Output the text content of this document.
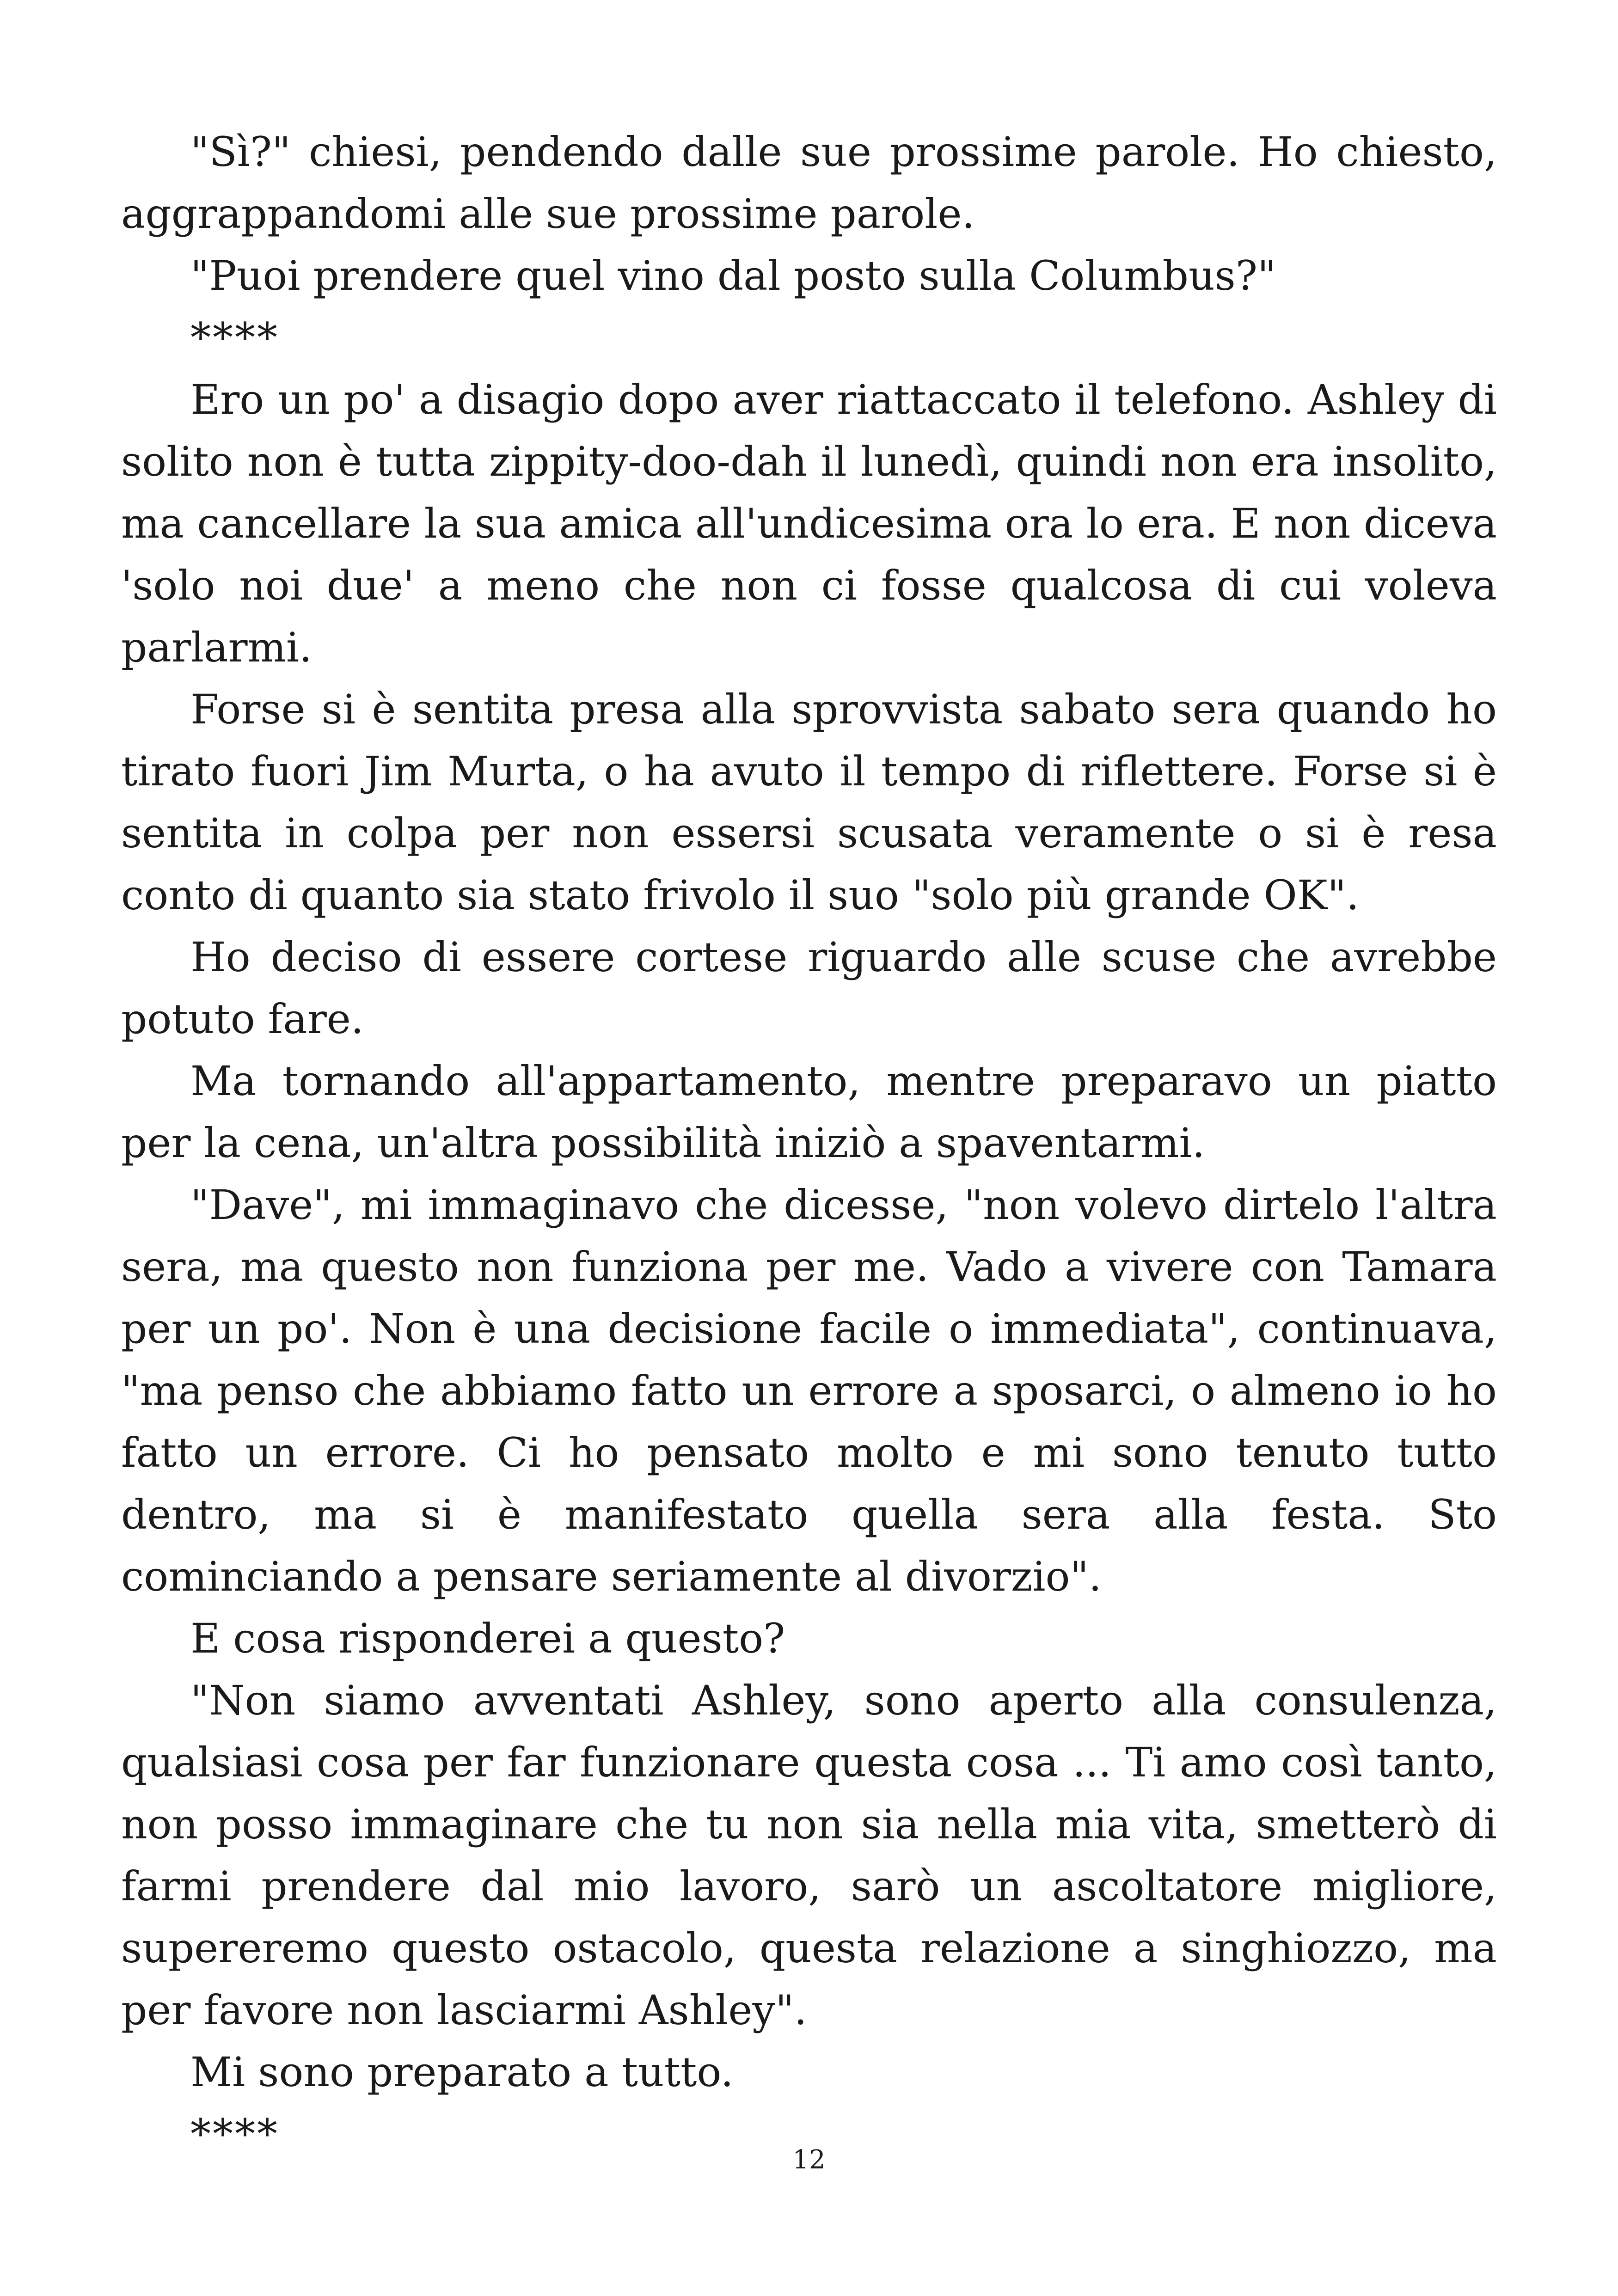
"Sì?" chiesi, pendendo dalle sue prossime parole. Ho chiesto, aggrappandomi alle sue prossime parole.

"Puoi prendere quel vino dal posto sulla Columbus?"

****

Ero un po' a disagio dopo aver riattaccato il telefono. Ashley di solito non è tutta zippity-doo-dah il lunedì, quindi non era insolito, ma cancellare la sua amica all'undicesima ora lo era. E non diceva 'solo noi due' a meno che non ci fosse qualcosa di cui voleva parlarmi.

Forse si è sentita presa alla sprovvista sabato sera quando ho tirato fuori Jim Murta, o ha avuto il tempo di riflettere. Forse si è sentita in colpa per non essersi scusata veramente o si è resa conto di quanto sia stato frivolo il suo "solo più grande OK".

Ho deciso di essere cortese riguardo alle scuse che avrebbe potuto fare.

Ma tornando all'appartamento, mentre preparavo un piatto per la cena, un'altra possibilità iniziò a spaventarmi.

"Dave", mi immaginavo che dicesse, "non volevo dirtelo l'altra sera, ma questo non funziona per me. Vado a vivere con Tamara per un po'. Non è una decisione facile o immediata", continuava, "ma penso che abbiamo fatto un errore a sposarci, o almeno io ho fatto un errore. Ci ho pensato molto e mi sono tenuto tutto dentro, ma si è manifestato quella sera alla festa. Sto cominciando a pensare seriamente al divorzio".

E cosa risponderei a questo?

"Non siamo avventati Ashley, sono aperto alla consulenza, qualsiasi cosa per far funzionare questa cosa ... Ti amo così tanto, non posso immaginare che tu non sia nella mia vita, smetterò di farmi prendere dal mio lavoro, sarò un ascoltatore migliore, supereremo questo ostacolo, questa relazione a singhiozzo, ma per favore non lasciarmi Ashley".

Mi sono preparato a tutto.

****

12
